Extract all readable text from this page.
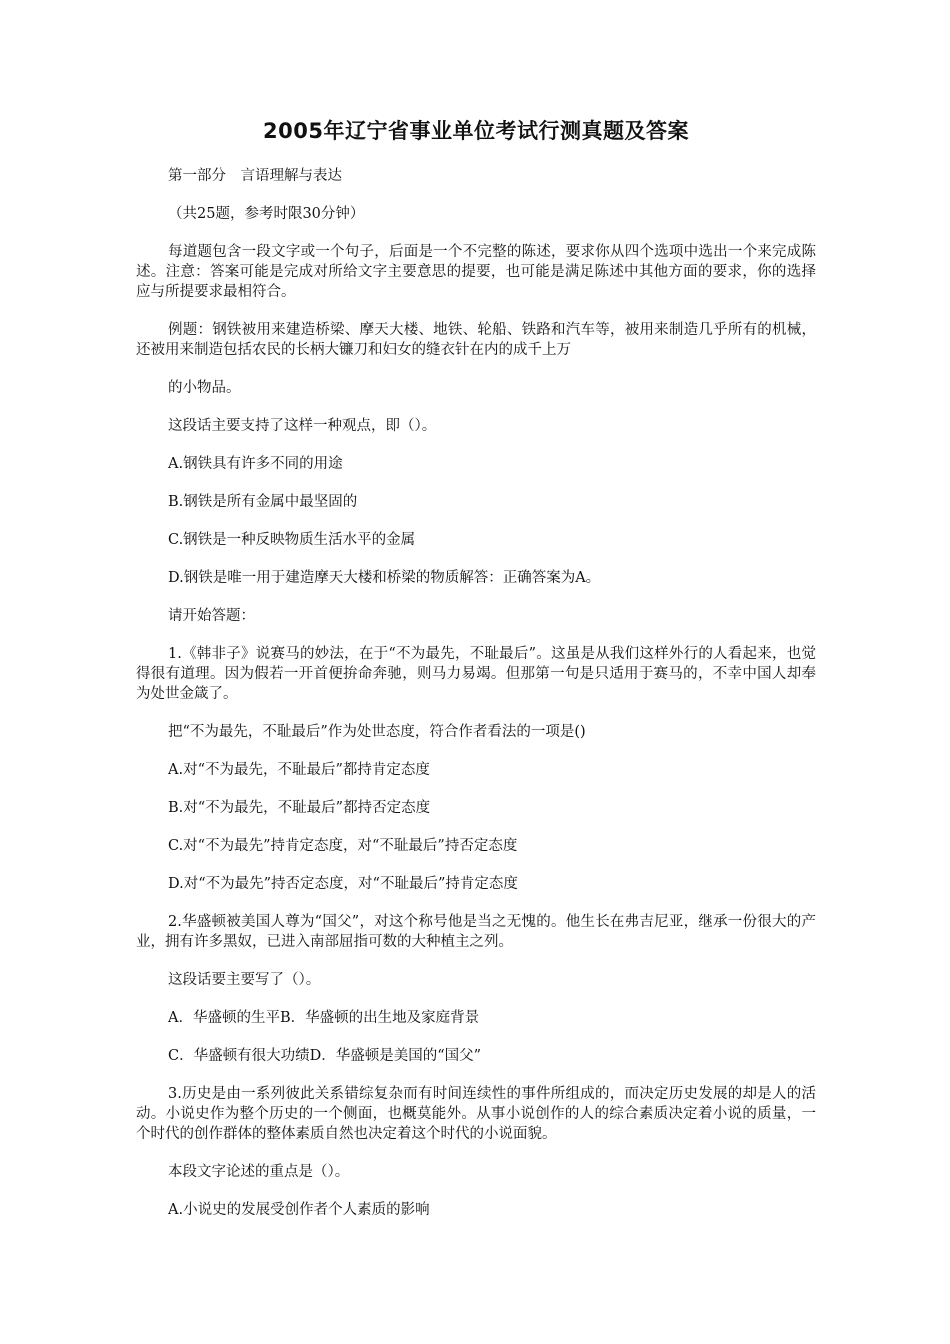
2005年辽宁省事业单位考试行测真题及答案

第一部分　言语理解与表达

（共25题，参考时限30分钟）

每道题包含一段文字或一个句子，后面是一个不完整的陈述，要求你从四个选项中选出一个来完成陈述。注意：答案可能是完成对所给文字主要意思的提要，也可能是满足陈述中其他方面的要求，你的选择应与所提要求最相符合。

例题：钢铁被用来建造桥梁、摩天大楼、地铁、轮船、铁路和汽车等，被用来制造几乎所有的机械，还被用来制造包括农民的长柄大镰刀和妇女的缝衣针在内的成千上万

的小物品。

这段话主要支持了这样一种观点，即（）。

A.钢铁具有许多不同的用途

B.钢铁是所有金属中最坚固的

C.钢铁是一种反映物质生活水平的金属

D.钢铁是唯一用于建造摩天大楼和桥梁的物质解答：正确答案为A。

请开始答题：

1.《韩非子》说赛马的妙法，在于“不为最先，不耻最后”。这虽是从我们这样外行的人看起来，也觉得很有道理。因为假若一开首便拚命奔驰，则马力易竭。但那第一句是只适用于赛马的，不幸中国人却奉为处世金箴了。

把“不为最先，不耻最后”作为处世态度，符合作者看法的一项是()

A.对“不为最先，不耻最后”都持肯定态度

B.对“不为最先，不耻最后”都持否定态度

C.对“不为最先”持肯定态度，对“不耻最后”持否定态度

D.对“不为最先”持否定态度，对“不耻最后”持肯定态度

2.华盛顿被美国人尊为“国父”，对这个称号他是当之无愧的。他生长在弗吉尼亚，继承一份很大的产业，拥有许多黑奴，已进入南部屈指可数的大种植主之列。

这段话要主要写了（）。

A．华盛顿的生平B．华盛顿的出生地及家庭背景

C．华盛顿有很大功绩D．华盛顿是美国的“国父”

3.历史是由一系列彼此关系错综复杂而有时间连续性的事件所组成的，而决定历史发展的却是人的活动。小说史作为整个历史的一个侧面，也概莫能外。从事小说创作的人的综合素质决定着小说的质量，一个时代的创作群体的整体素质自然也决定着这个时代的小说面貌。

本段文字论述的重点是（）。

A.小说史的发展受创作者个人素质的影响
